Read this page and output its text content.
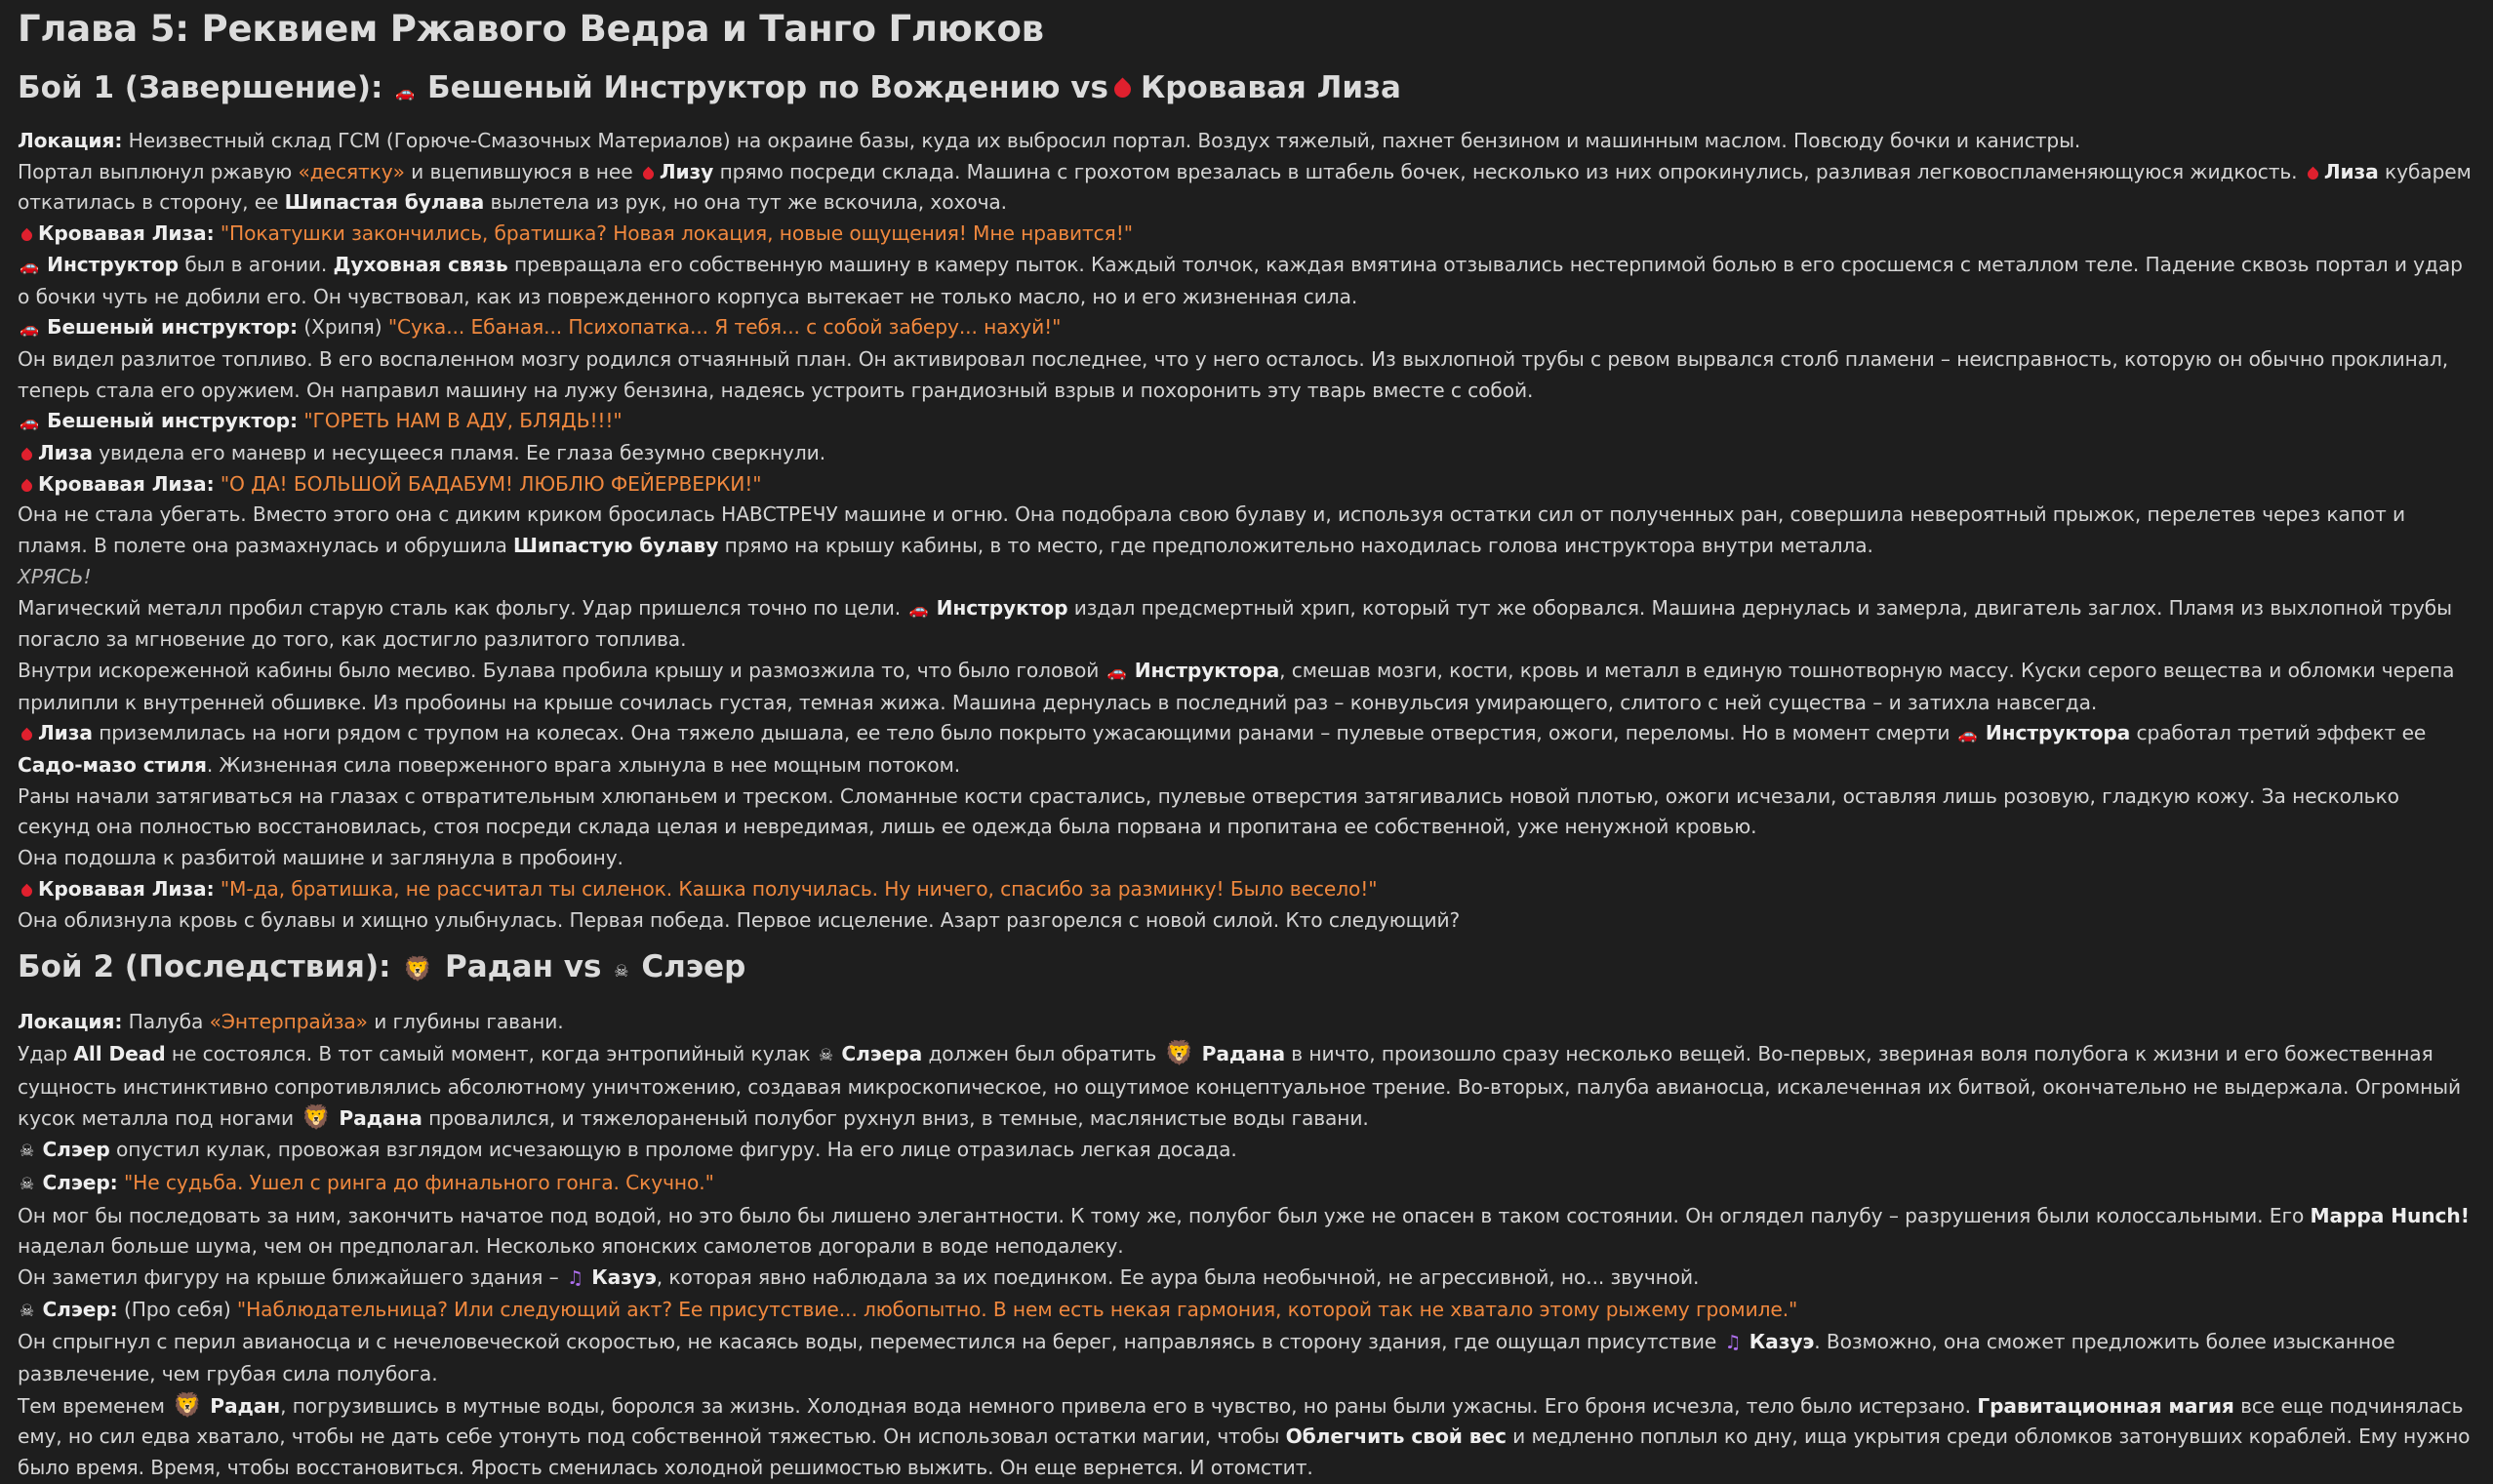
Глава 5: Реквием Ржавого Ведра и Танго Глюков
Бой 1 (Завершение): 🚗 Бешеный Инструктор по Вождению vs Кровавая Лиза

Локация: Неизвестный склад ГСМ (Горюче-Смазочных Материалов) на окраине базы, куда их выбросил портал. Воздух тяжелый, пахнет бензином и машинным маслом. Повсюду бочки и канистры.

Портал выплюнул ржавую «десятку» и вцепившуюся в нее Лизу прямо посреди склада. Машина с грохотом врезалась в штабель бочек, несколько из них опрокинулись, разливая легковоспламеняющуюся жидкость. Лиза кубарем откатилась в сторону, ее Шипастая булава вылетела из рук, но она тут же вскочила, хохоча.

Кровавая Лиза: "Покатушки закончились, братишка? Новая локация, новые ощущения! Мне нравится!"

🚗 Инструктор был в агонии. Духовная связь превращала его собственную машину в камеру пыток. Каждый толчок, каждая вмятина отзывались нестерпимой болью в его сросшемся с металлом теле. Падение сквозь портал и удар о бочки чуть не добили его. Он чувствовал, как из поврежденного корпуса вытекает не только масло, но и его жизненная сила.

🚗 Бешеный инструктор: (Хрипя) "Сука... Ебаная... Психопатка... Я тебя... с собой заберу... нахуй!"

Он видел разлитое топливо. В его воспаленном мозгу родился отчаянный план. Он активировал последнее, что у него осталось. Из выхлопной трубы с ревом вырвался столб пламени – неисправность, которую он обычно проклинал, теперь стала его оружием. Он направил машину на лужу бензина, надеясь устроить грандиозный взрыв и похоронить эту тварь вместе с собой.

🚗 Бешеный инструктор: "ГОРЕТЬ НАМ В АДУ, БЛЯДЬ!!!"

Лиза увидела его маневр и несущееся пламя. Ее глаза безумно сверкнули.

Кровавая Лиза: "О ДА! БОЛЬШОЙ БАДАБУМ! ЛЮБЛЮ ФЕЙЕРВЕРКИ!"

Она не стала убегать. Вместо этого она с диким криком бросилась НАВСТРЕЧУ машине и огню. Она подобрала свою булаву и, используя остатки сил от полученных ран, совершила невероятный прыжок, перелетев через капот и пламя. В полете она размахнулась и обрушила Шипастую булаву прямо на крышу кабины, в то место, где предположительно находилась голова инструктора внутри металла.

ХРЯСЬ!

Магический металл пробил старую сталь как фольгу. Удар пришелся точно по цели. 🚗 Инструктор издал предсмертный хрип, который тут же оборвался. Машина дернулась и замерла, двигатель заглох. Пламя из выхлопной трубы погасло за мгновение до того, как достигло разлитого топлива.

Внутри искореженной кабины было месиво. Булава пробила крышу и размозжила то, что было головой 🚗 Инструктора, смешав мозги, кости, кровь и металл в единую тошнотворную массу. Куски серого вещества и обломки черепа прилипли к внутренней обшивке. Из пробоины на крыше сочилась густая, темная жижа. Машина дернулась в последний раз – конвульсия умирающего, слитого с ней существа – и затихла навсегда.

Лиза приземлилась на ноги рядом с трупом на колесах. Она тяжело дышала, ее тело было покрыто ужасающими ранами – пулевые отверстия, ожоги, переломы. Но в момент смерти 🚗 Инструктора сработал третий эффект ее Садо-мазо стиля. Жизненная сила поверженного врага хлынула в нее мощным потоком.

Раны начали затягиваться на глазах с отвратительным хлюпаньем и треском. Сломанные кости срастались, пулевые отверстия затягивались новой плотью, ожоги исчезали, оставляя лишь розовую, гладкую кожу. За несколько секунд она полностью восстановилась, стоя посреди склада целая и невредимая, лишь ее одежда была порвана и пропитана ее собственной, уже ненужной кровью.

Она подошла к разбитой машине и заглянула в пробоину.

Кровавая Лиза: "М-да, братишка, не рассчитал ты силенок. Кашка получилась. Ну ничего, спасибо за разминку! Было весело!"

Она облизнула кровь с булавы и хищно улыбнулась. Первая победа. Первое исцеление. Азарт разгорелся с новой силой. Кто следующий?

Бой 2 (Последствия): 🦁 Радан vs ☠ Слэер

Локация: Палуба «Энтерпрайза» и глубины гавани.

Удар All Dead не состоялся. В тот самый момент, когда энтропийный кулак ☠ Слэера должен был обратить 🦁 Радана в ничто, произошло сразу несколько вещей. Во-первых, звериная воля полубога к жизни и его божественная сущность инстинктивно сопротивлялись абсолютному уничтожению, создавая микроскопическое, но ощутимое концептуальное трение. Во-вторых, палуба авианосца, искалеченная их битвой, окончательно не выдержала. Огромный кусок металла под ногами 🦁 Радана провалился, и тяжелораненый полубог рухнул вниз, в темные, маслянистые воды гавани.

☠ Слэер опустил кулак, провожая взглядом исчезающую в проломе фигуру. На его лице отразилась легкая досада.

☠ Слэер: "Не судьба. Ушел с ринга до финального гонга. Скучно."

Он мог бы последовать за ним, закончить начатое под водой, но это было бы лишено элегантности. К тому же, полубог был уже не опасен в таком состоянии. Он оглядел палубу – разрушения были колоссальными. Его Mappa Hunch! наделал больше шума, чем он предполагал. Несколько японских самолетов догорали в воде неподалеку.

Он заметил фигуру на крыше ближайшего здания – ♫ Казуэ, которая явно наблюдала за их поединком. Ее аура была необычной, не агрессивной, но... звучной.

☠ Слэер: (Про себя) "Наблюдательница? Или следующий акт? Ее присутствие... любопытно. В нем есть некая гармония, которой так не хватало этому рыжему громиле."

Он спрыгнул с перил авианосца и с нечеловеческой скоростью, не касаясь воды, переместился на берег, направляясь в сторону здания, где ощущал присутствие ♫ Казуэ. Возможно, она сможет предложить более изысканное развлечение, чем грубая сила полубога.

Тем временем 🦁 Радан, погрузившись в мутные воды, боролся за жизнь. Холодная вода немного привела его в чувство, но раны были ужасны. Его броня исчезла, тело было истерзано. Гравитационная магия все еще подчинялась ему, но сил едва хватало, чтобы не дать себе утонуть под собственной тяжестью. Он использовал остатки магии, чтобы Облегчить свой вес и медленно поплыл ко дну, ища укрытия среди обломков затонувших кораблей. Ему нужно было время. Время, чтобы восстановиться. Ярость сменилась холодной решимостью выжить. Он еще вернется. И отомстит.
